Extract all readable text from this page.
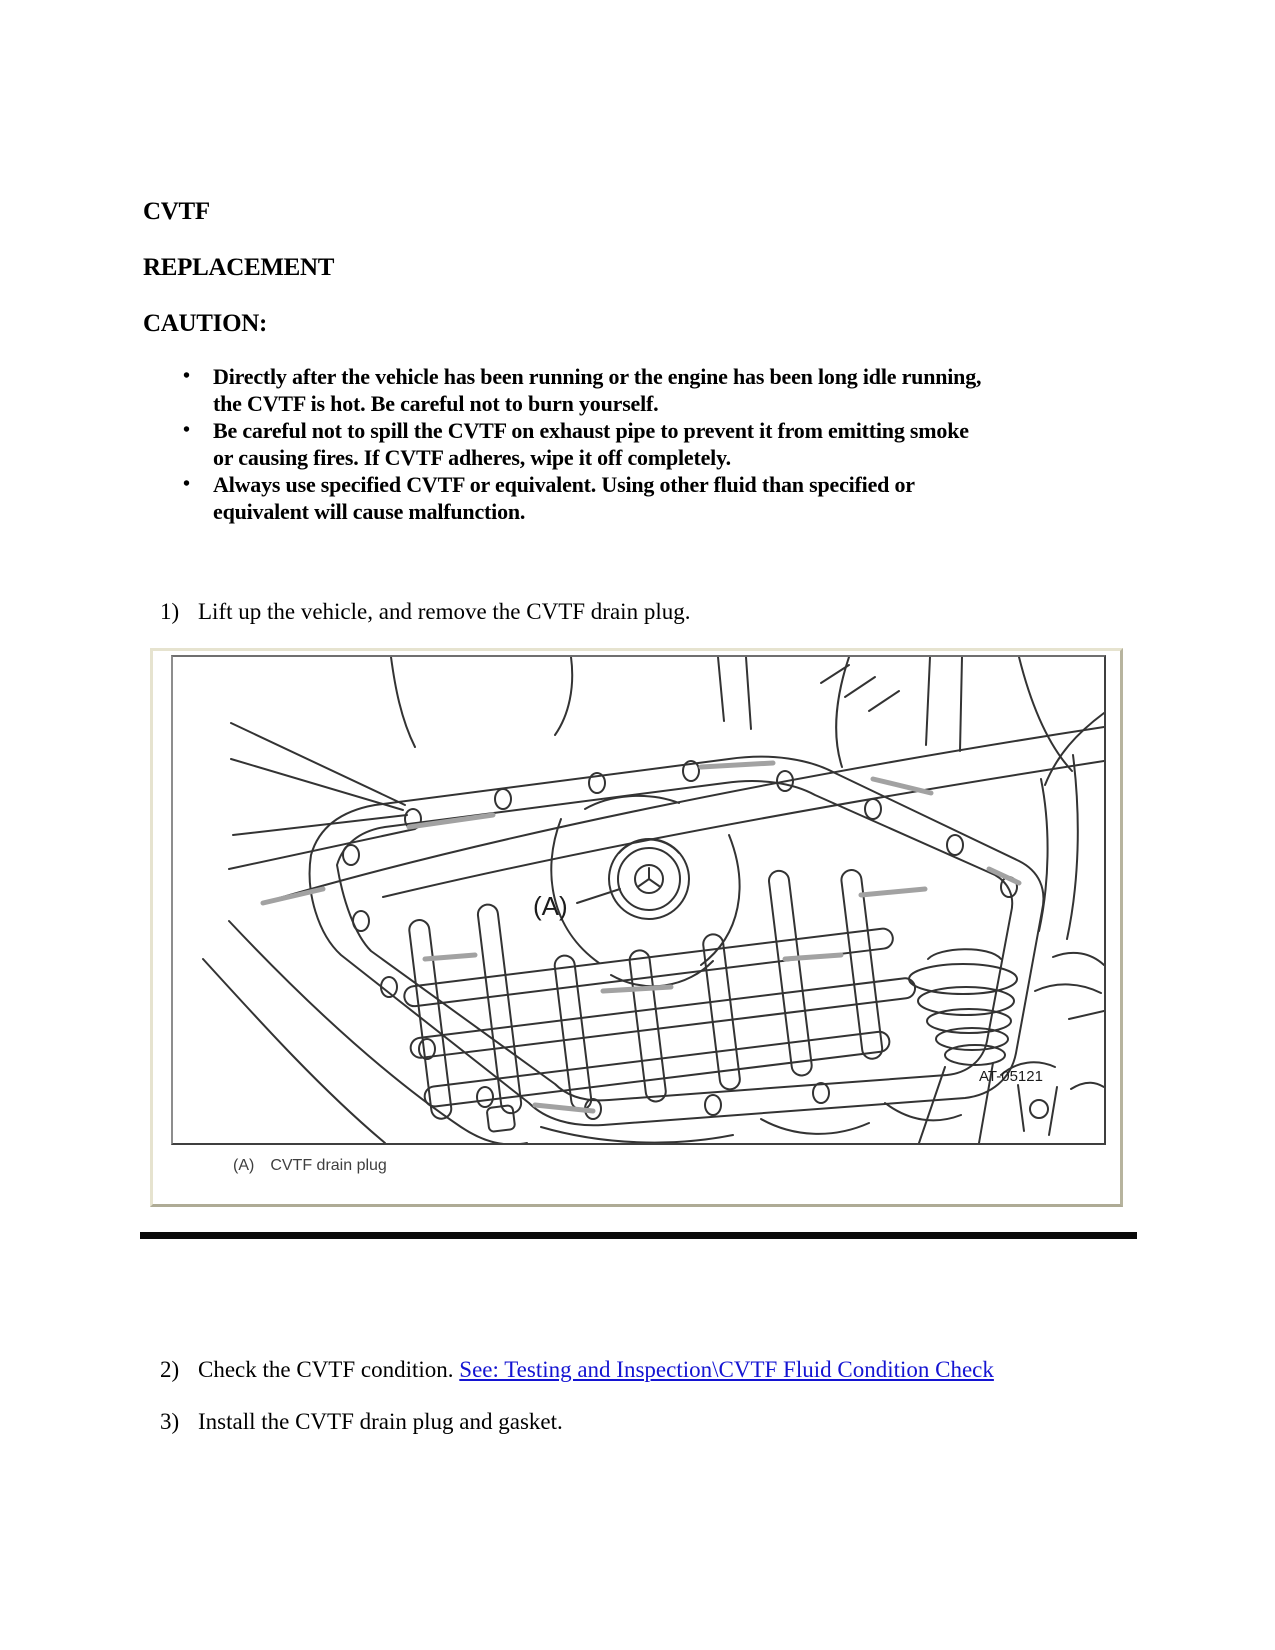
CVTF
REPLACEMENT
CAUTION:
•	Directly after the vehicle has been running or the engine has been long idle running,
the CVTF is hot. Be careful not to burn yourself.
•	Be careful not to spill the CVTF on exhaust pipe to prevent it from emitting smoke
or causing fires. If CVTF adheres, wipe it off completely.
•	Always use specified CVTF or equivalent. Using other fluid than specified or
equivalent will cause malfunction.
1) Lift up the vehicle, and remove the CVTF drain plug.
(A)
AT-05121
(A) CVTF drain plug
2) Check the CVTF condition. See: Testing and Inspection\CVTF Fluid Condition Check
3) Install the CVTF drain plug and gasket.
